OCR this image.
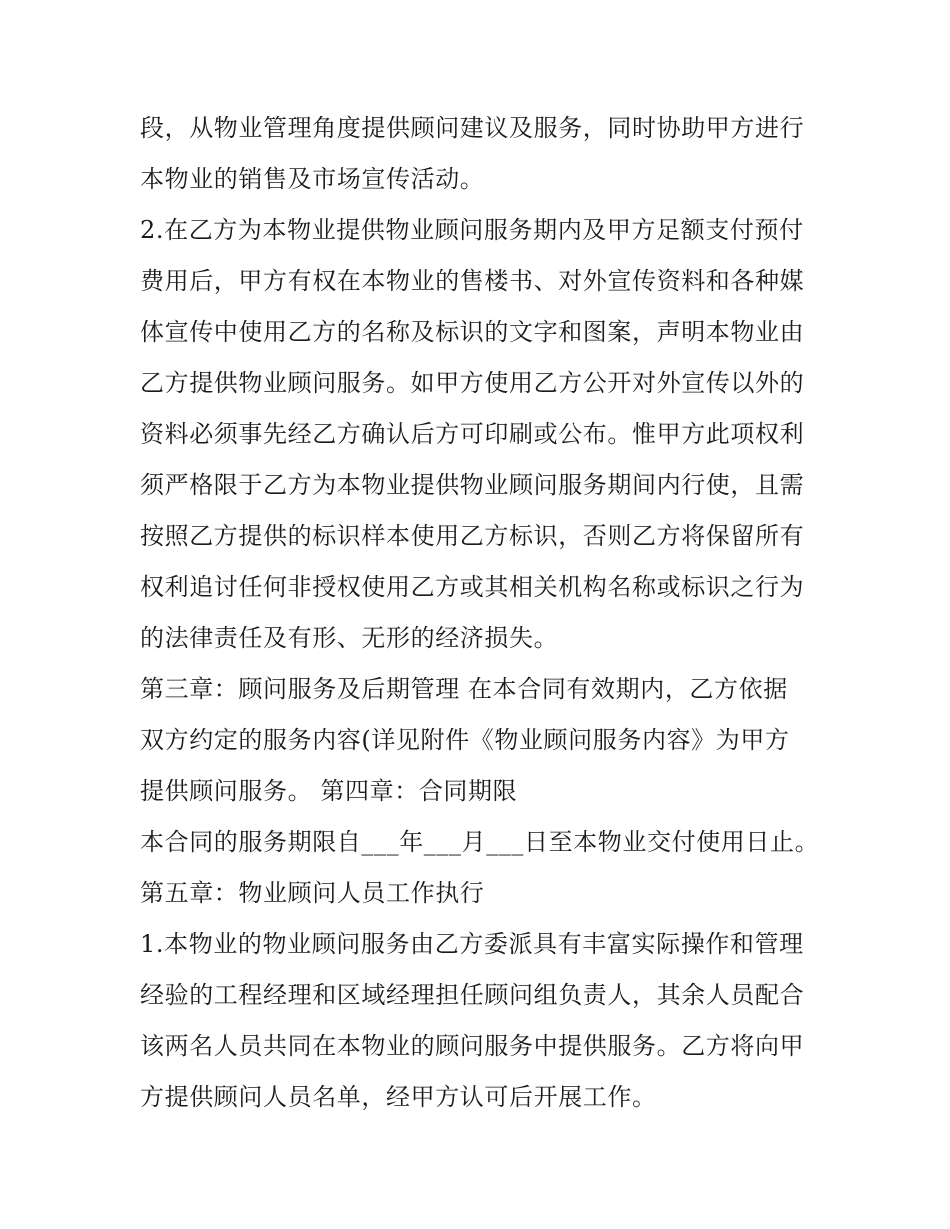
段，从物业管理角度提供顾问建议及服务，同时协助甲方进行
本物业的销售及市场宣传活动。
2.在乙方为本物业提供物业顾问服务期内及甲方足额支付预付
费用后，甲方有权在本物业的售楼书、对外宣传资料和各种媒
体宣传中使用乙方的名称及标识的文字和图案，声明本物业由
乙方提供物业顾问服务。如甲方使用乙方公开对外宣传以外的
资料必须事先经乙方确认后方可印刷或公布。惟甲方此项权利
须严格限于乙方为本物业提供物业顾问服务期间内行使，且需
按照乙方提供的标识样本使用乙方标识，否则乙方将保留所有
权利追讨任何非授权使用乙方或其相关机构名称或标识之行为
的法律责任及有形、无形的经济损失。
第三章：顾问服务及后期管理 在本合同有效期内，乙方依据
双方约定的服务内容(详见附件《物业顾问服务内容》为甲方
提供顾问服务。 第四章：合同期限
本合同的服务期限自___年___月___日至本物业交付使用日止。
第五章：物业顾问人员工作执行
1.本物业的物业顾问服务由乙方委派具有丰富实际操作和管理
经验的工程经理和区域经理担任顾问组负责人，其余人员配合
该两名人员共同在本物业的顾问服务中提供服务。乙方将向甲
方提供顾问人员名单，经甲方认可后开展工作。
